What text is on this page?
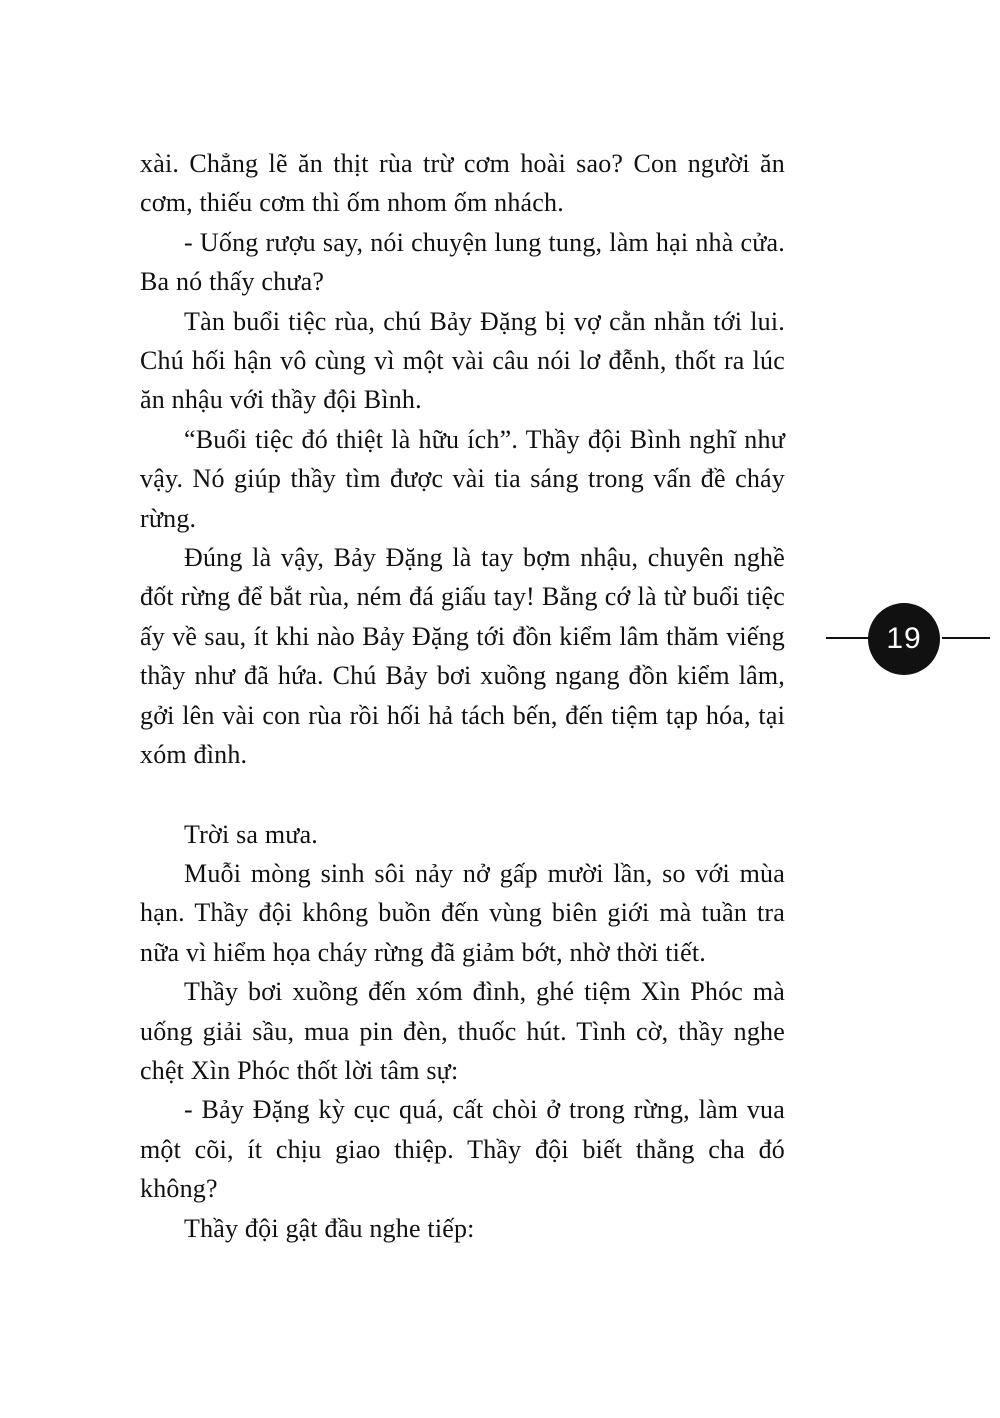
xài. Chẳng lẽ ăn thịt rùa trừ cơm hoài sao? Con người ăn cơm, thiếu cơm thì ốm nhom ốm nhách.

- Uống rượu say, nói chuyện lung tung, làm hại nhà cửa. Ba nó thấy chưa?

Tàn buổi tiệc rùa, chú Bảy Đặng bị vợ cằn nhằn tới lui. Chú hối hận vô cùng vì một vài câu nói lơ đễnh, thốt ra lúc ăn nhậu với thầy đội Bình.

“Buổi tiệc đó thiệt là hữu ích”. Thầy đội Bình nghĩ như vậy. Nó giúp thầy tìm được vài tia sáng trong vấn đề cháy rừng.

Đúng là vậy, Bảy Đặng là tay bợm nhậu, chuyên nghề đốt rừng để bắt rùa, ném đá giấu tay! Bằng cớ là từ buổi tiệc ấy về sau, ít khi nào Bảy Đặng tới đồn kiểm lâm thăm viếng thầy như đã hứa. Chú Bảy bơi xuồng ngang đồn kiểm lâm, gởi lên vài con rùa rồi hối hả tách bến, đến tiệm tạp hóa, tại xóm đình.

Trời sa mưa.

Muỗi mòng sinh sôi nảy nở gấp mười lần, so với mùa hạn. Thầy đội không buồn đến vùng biên giới mà tuần tra nữa vì hiểm họa cháy rừng đã giảm bớt, nhờ thời tiết.

Thầy bơi xuồng đến xóm đình, ghé tiệm Xìn Phóc mà uống giải sầu, mua pin đèn, thuốc hút. Tình cờ, thầy nghe chệt Xìn Phóc thốt lời tâm sự:

- Bảy Đặng kỳ cục quá, cất chòi ở trong rừng, làm vua một cõi, ít chịu giao thiệp. Thầy đội biết thằng cha đó không?

Thầy đội gật đầu nghe tiếp:

19
